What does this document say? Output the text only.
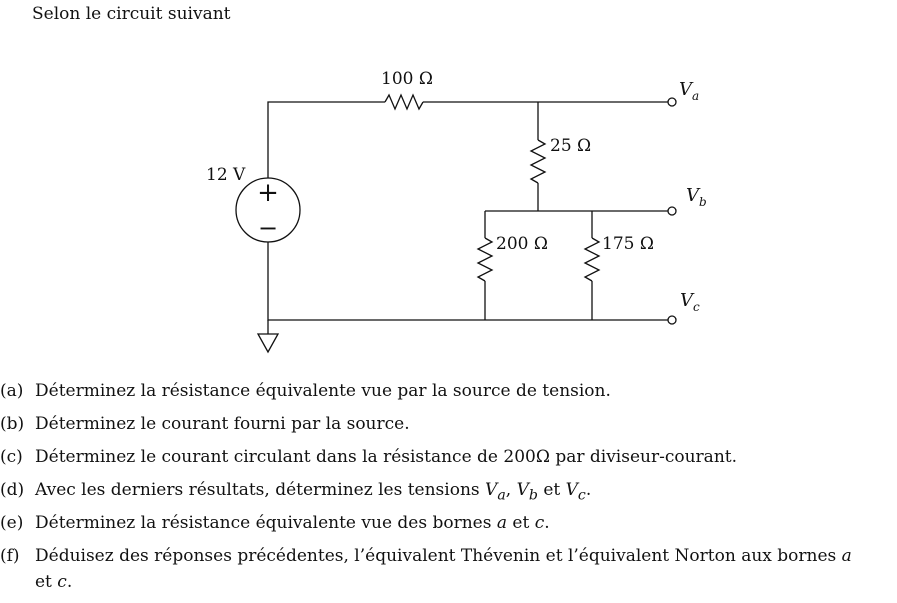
Selon le circuit suivant
+
−
12 V
100 Ω
25 Ω
200 Ω	175 Ω
$V_a$
$V_b$
$V_c$
(a) Déterminez la résistance équivalente vue par la source de tension.
(b) Déterminez le courant fourni par la source.
(c) Déterminez le courant circulant dans la résistance de 200Ω par diviseur-courant.
(d) Avec les derniers résultats, déterminez les tensions $V_a$, $V_b$ et $V_c$.
(e) Déterminez la résistance équivalente vue des bornes a et c.
(f) Déduisez des réponses précédentes, l’équivalent Thévenin et l’équivalent Norton aux bornes a
et c.
